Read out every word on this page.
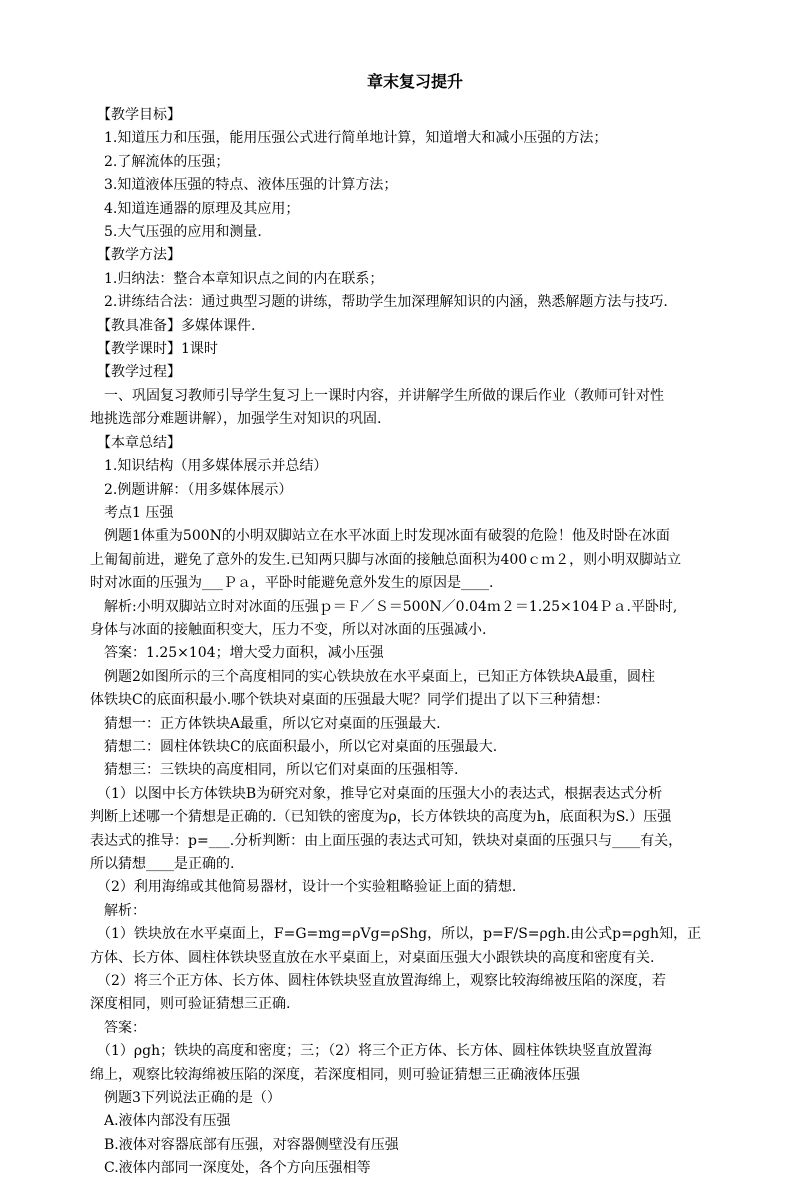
章末复习提升

　【教学目标】

　1.知道压力和压强，能用压强公式进行简单地计算，知道增大和减小压强的方法；

　2.了解流体的压强；

　3.知道液体压强的特点、液体压强的计算方法；

　4.知道连通器的原理及其应用；

　5.大气压强的应用和测量.

　【教学方法】

　1.归纳法：整合本章知识点之间的内在联系；

　2.讲练结合法：通过典型习题的讲练，帮助学生加深理解知识的内涵，熟悉解题方法与技巧.

　【教具准备】多媒体课件.

　【教学课时】1课时

　【教学过程】

　一、巩固复习教师引导学生复习上一课时内容，并讲解学生所做的课后作业（教师可针对性

地挑选部分难题讲解），加强学生对知识的巩固.

　【本章总结】

　1.知识结构（用多媒体展示并总结）

　2.例题讲解：（用多媒体展示）

　考点1 压强

　例题1体重为500N的小明双脚站立在水平冰面上时发现冰面有破裂的危险！他及时卧在冰面

上匍匐前进，避免了意外的发生.已知两只脚与冰面的接触总面积为400ｃｍ２，则小明双脚站立

时对冰面的压强为___Ｐａ，平卧时能避免意外发生的原因是____.

　解析:小明双脚站立时对冰面的压强ｐ＝Ｆ／Ｓ＝500N／0.04ｍ２＝1.25×104Ｐａ.平卧时,

身体与冰面的接触面积变大，压力不变，所以对冰面的压强减小.

　答案：1.25×104；增大受力面积，减小压强

　例题2如图所示的三个高度相同的实心铁块放在水平桌面上，已知正方体铁块A最重，圆柱

体铁块C的底面积最小.哪个铁块对桌面的压强最大呢？同学们提出了以下三种猜想：

　猜想一：正方体铁块A最重，所以它对桌面的压强最大.

　猜想二：圆柱体铁块C的底面积最小，所以它对桌面的压强最大.

　猜想三：三铁块的高度相同，所以它们对桌面的压强相等.

　（1）以图中长方体铁块B为研究对象，推导它对桌面的压强大小的表达式，根据表达式分析

判断上述哪一个猜想是正确的.（已知铁的密度为ρ，长方体铁块的高度为h，底面积为S.）压强

表达式的推导：p=___.分析判断：由上面压强的表达式可知，铁块对桌面的压强只与____有关，

所以猜想____是正确的.

　（2）利用海绵或其他简易器材，设计一个实验粗略验证上面的猜想.

　解析：

　（1）铁块放在水平桌面上，F=G=mg=ρVg=ρShg，所以，p=F/S=ρgh.由公式p=ρgh知，正

方体、长方体、圆柱体铁块竖直放在水平桌面上，对桌面压强大小跟铁块的高度和密度有关.

　（2）将三个正方体、长方体、圆柱体铁块竖直放置海绵上，观察比较海绵被压陷的深度，若

深度相同，则可验证猜想三正确.

　答案：

　（1）ρgh；铁块的高度和密度；三；（2）将三个正方体、长方体、圆柱体铁块竖直放置海

绵上，观察比较海绵被压陷的深度，若深度相同，则可验证猜想三正确液体压强

　例题3下列说法正确的是（）

　A.液体内部没有压强

　B.液体对容器底部有压强，对容器侧壁没有压强

　C.液体内部同一深度处，各个方向压强相等
